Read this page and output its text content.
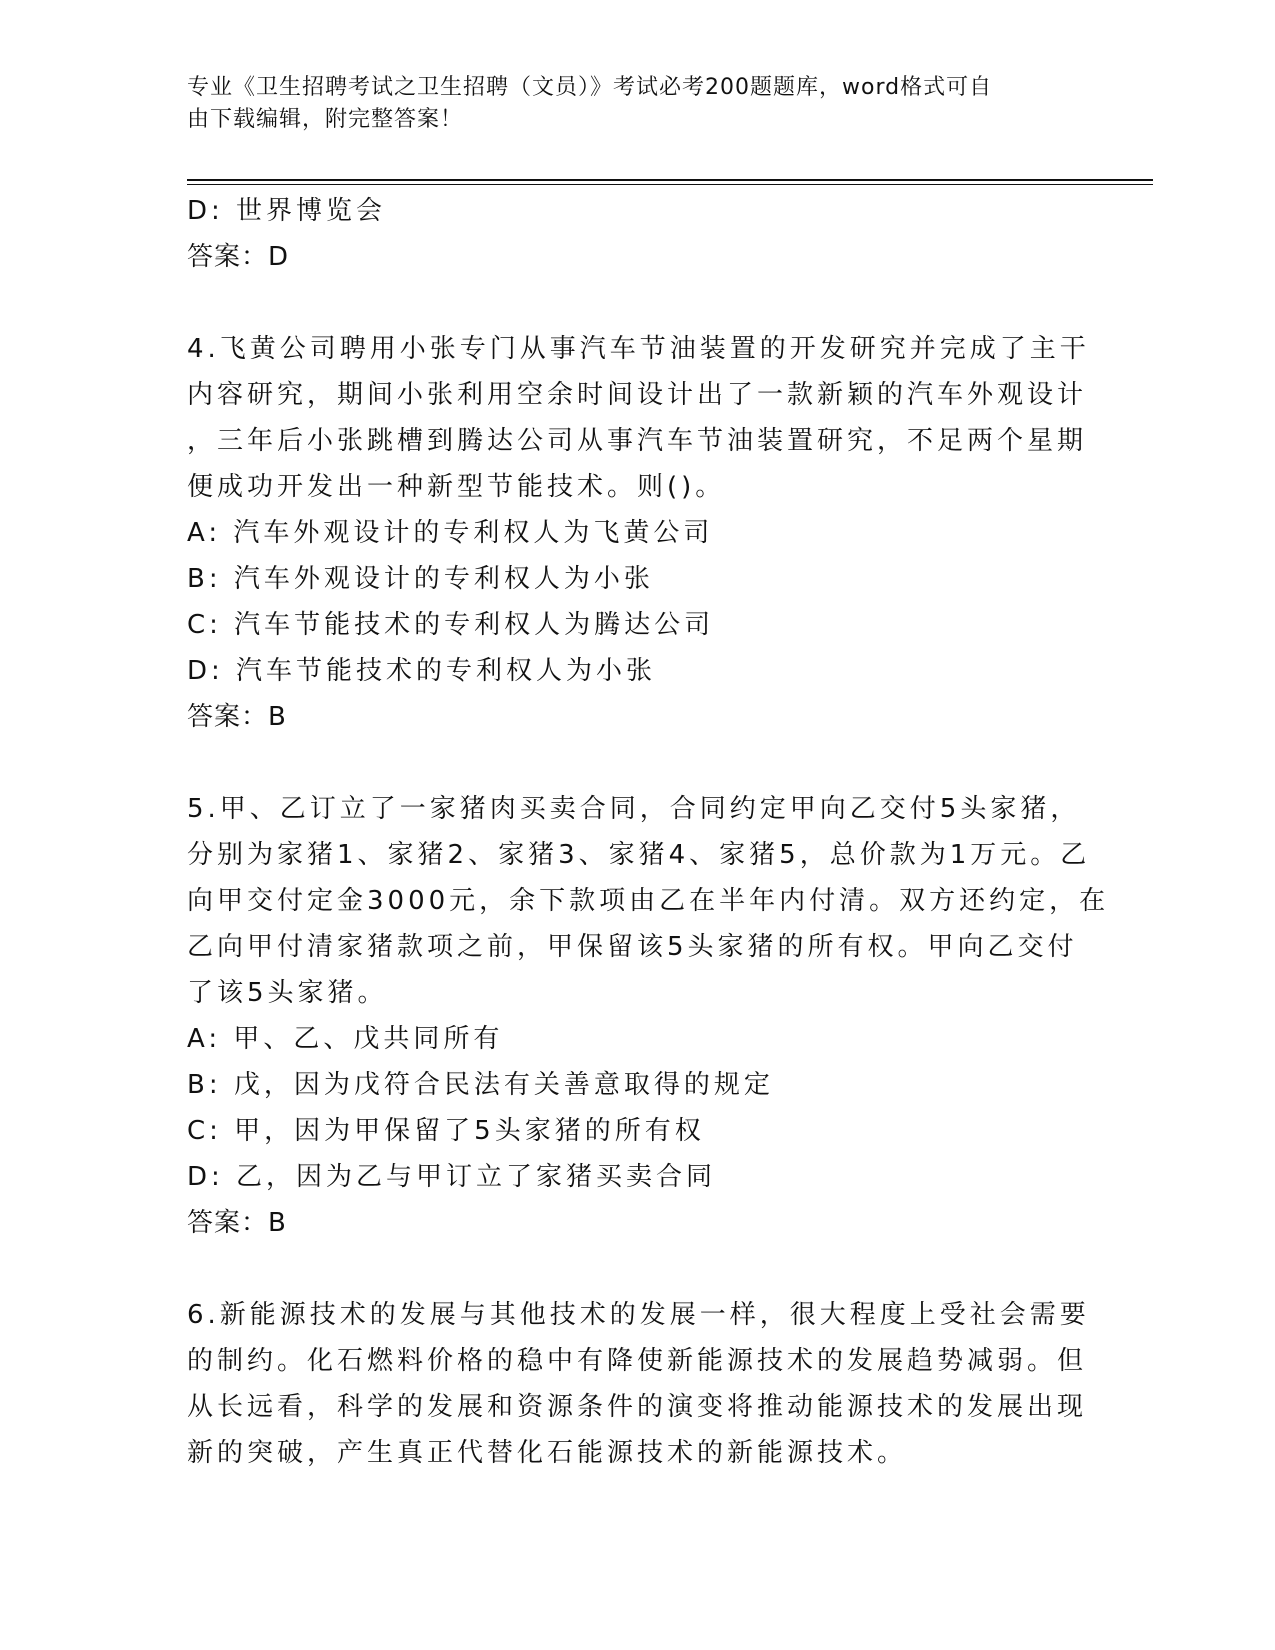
专业《卫生招聘考试之卫生招聘（文员）》考试必考200题题库，word格式可自
由下载编辑，附完整答案！
D: 世界博览会
答案：D
4.飞黄公司聘用小张专门从事汽车节油装置的开发研究并完成了主干
内容研究，期间小张利用空余时间设计出了一款新颖的汽车外观设计
，三年后小张跳槽到腾达公司从事汽车节油装置研究，不足两个星期
便成功开发出一种新型节能技术。则()。
A: 汽车外观设计的专利权人为飞黄公司
B: 汽车外观设计的专利权人为小张
C: 汽车节能技术的专利权人为腾达公司
D: 汽车节能技术的专利权人为小张
答案：B
5.甲、乙订立了一家猪肉买卖合同，合同约定甲向乙交付5头家猪，
分别为家猪1、家猪2、家猪3、家猪4、家猪5，总价款为1万元。乙
向甲交付定金3000元，余下款项由乙在半年内付清。双方还约定，在
乙向甲付清家猪款项之前，甲保留该5头家猪的所有权。甲向乙交付
了该5头家猪。
A: 甲、乙、戊共同所有
B: 戊，因为戊符合民法有关善意取得的规定
C: 甲，因为甲保留了5头家猪的所有权
D: 乙，因为乙与甲订立了家猪买卖合同
答案：B
6.新能源技术的发展与其他技术的发展一样，很大程度上受社会需要
的制约。化石燃料价格的稳中有降使新能源技术的发展趋势减弱。但
从长远看，科学的发展和资源条件的演变将推动能源技术的发展出现
新的突破，产生真正代替化石能源技术的新能源技术。
